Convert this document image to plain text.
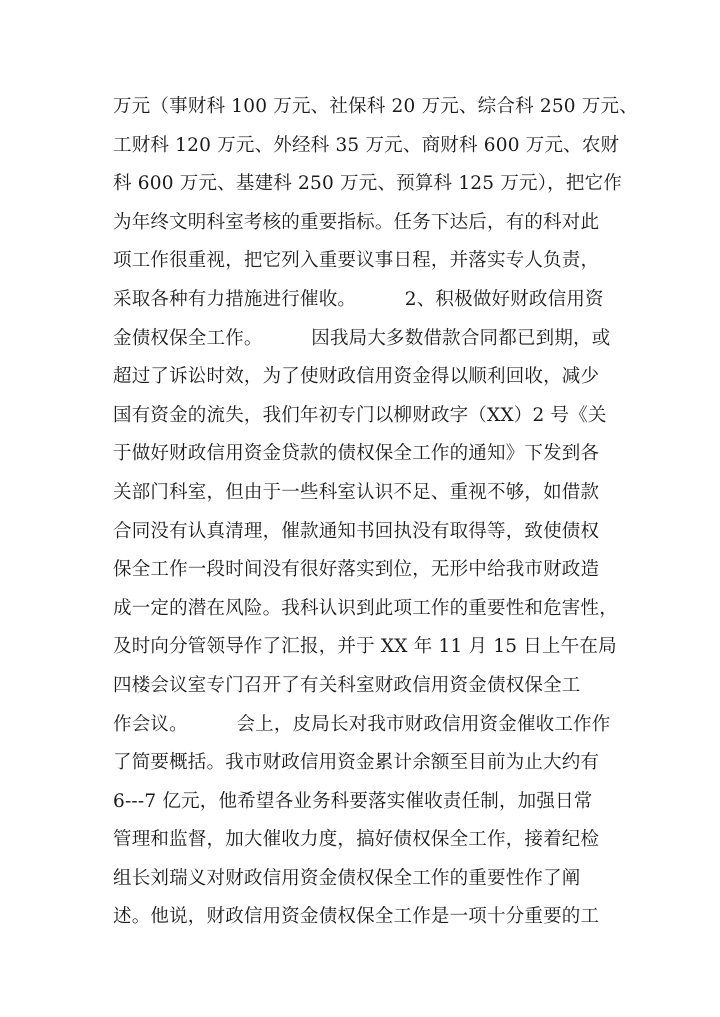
万元（事财科 100 万元、社保科 20 万元、综合科 250 万元、
工财科 120 万元、外经科 35 万元、商财科 600 万元、农财
科 600 万元、基建科 250 万元、预算科 125 万元），把它作
为年终文明科室考核的重要指标。任务下达后，有的科对此
项工作很重视，把它列入重要议事日程，并落实专人负责，
采取各种有力措施进行催收。        2、积极做好财政信用资
金债权保全工作。        因我局大多数借款合同都已到期，或
超过了诉讼时效，为了使财政信用资金得以顺利回收，减少
国有资金的流失，我们年初专门以柳财政字（XX）2 号《关
于做好财政信用资金贷款的债权保全工作的通知》下发到各
关部门科室，但由于一些科室认识不足、重视不够，如借款
合同没有认真清理，催款通知书回执没有取得等，致使债权
保全工作一段时间没有很好落实到位，无形中给我市财政造
成一定的潜在风险。我科认识到此项工作的重要性和危害性，
及时向分管领导作了汇报，并于 XX 年 11 月 15 日上午在局
四楼会议室专门召开了有关科室财政信用资金债权保全工
作会议。        会上，皮局长对我市财政信用资金催收工作作
了简要概括。我市财政信用资金累计余额至目前为止大约有
6---7 亿元，他希望各业务科要落实催收责任制，加强日常
管理和监督，加大催收力度，搞好债权保全工作，接着纪检
组长刘瑞义对财政信用资金债权保全工作的重要性作了阐
述。他说，财政信用资金债权保全工作是一项十分重要的工
